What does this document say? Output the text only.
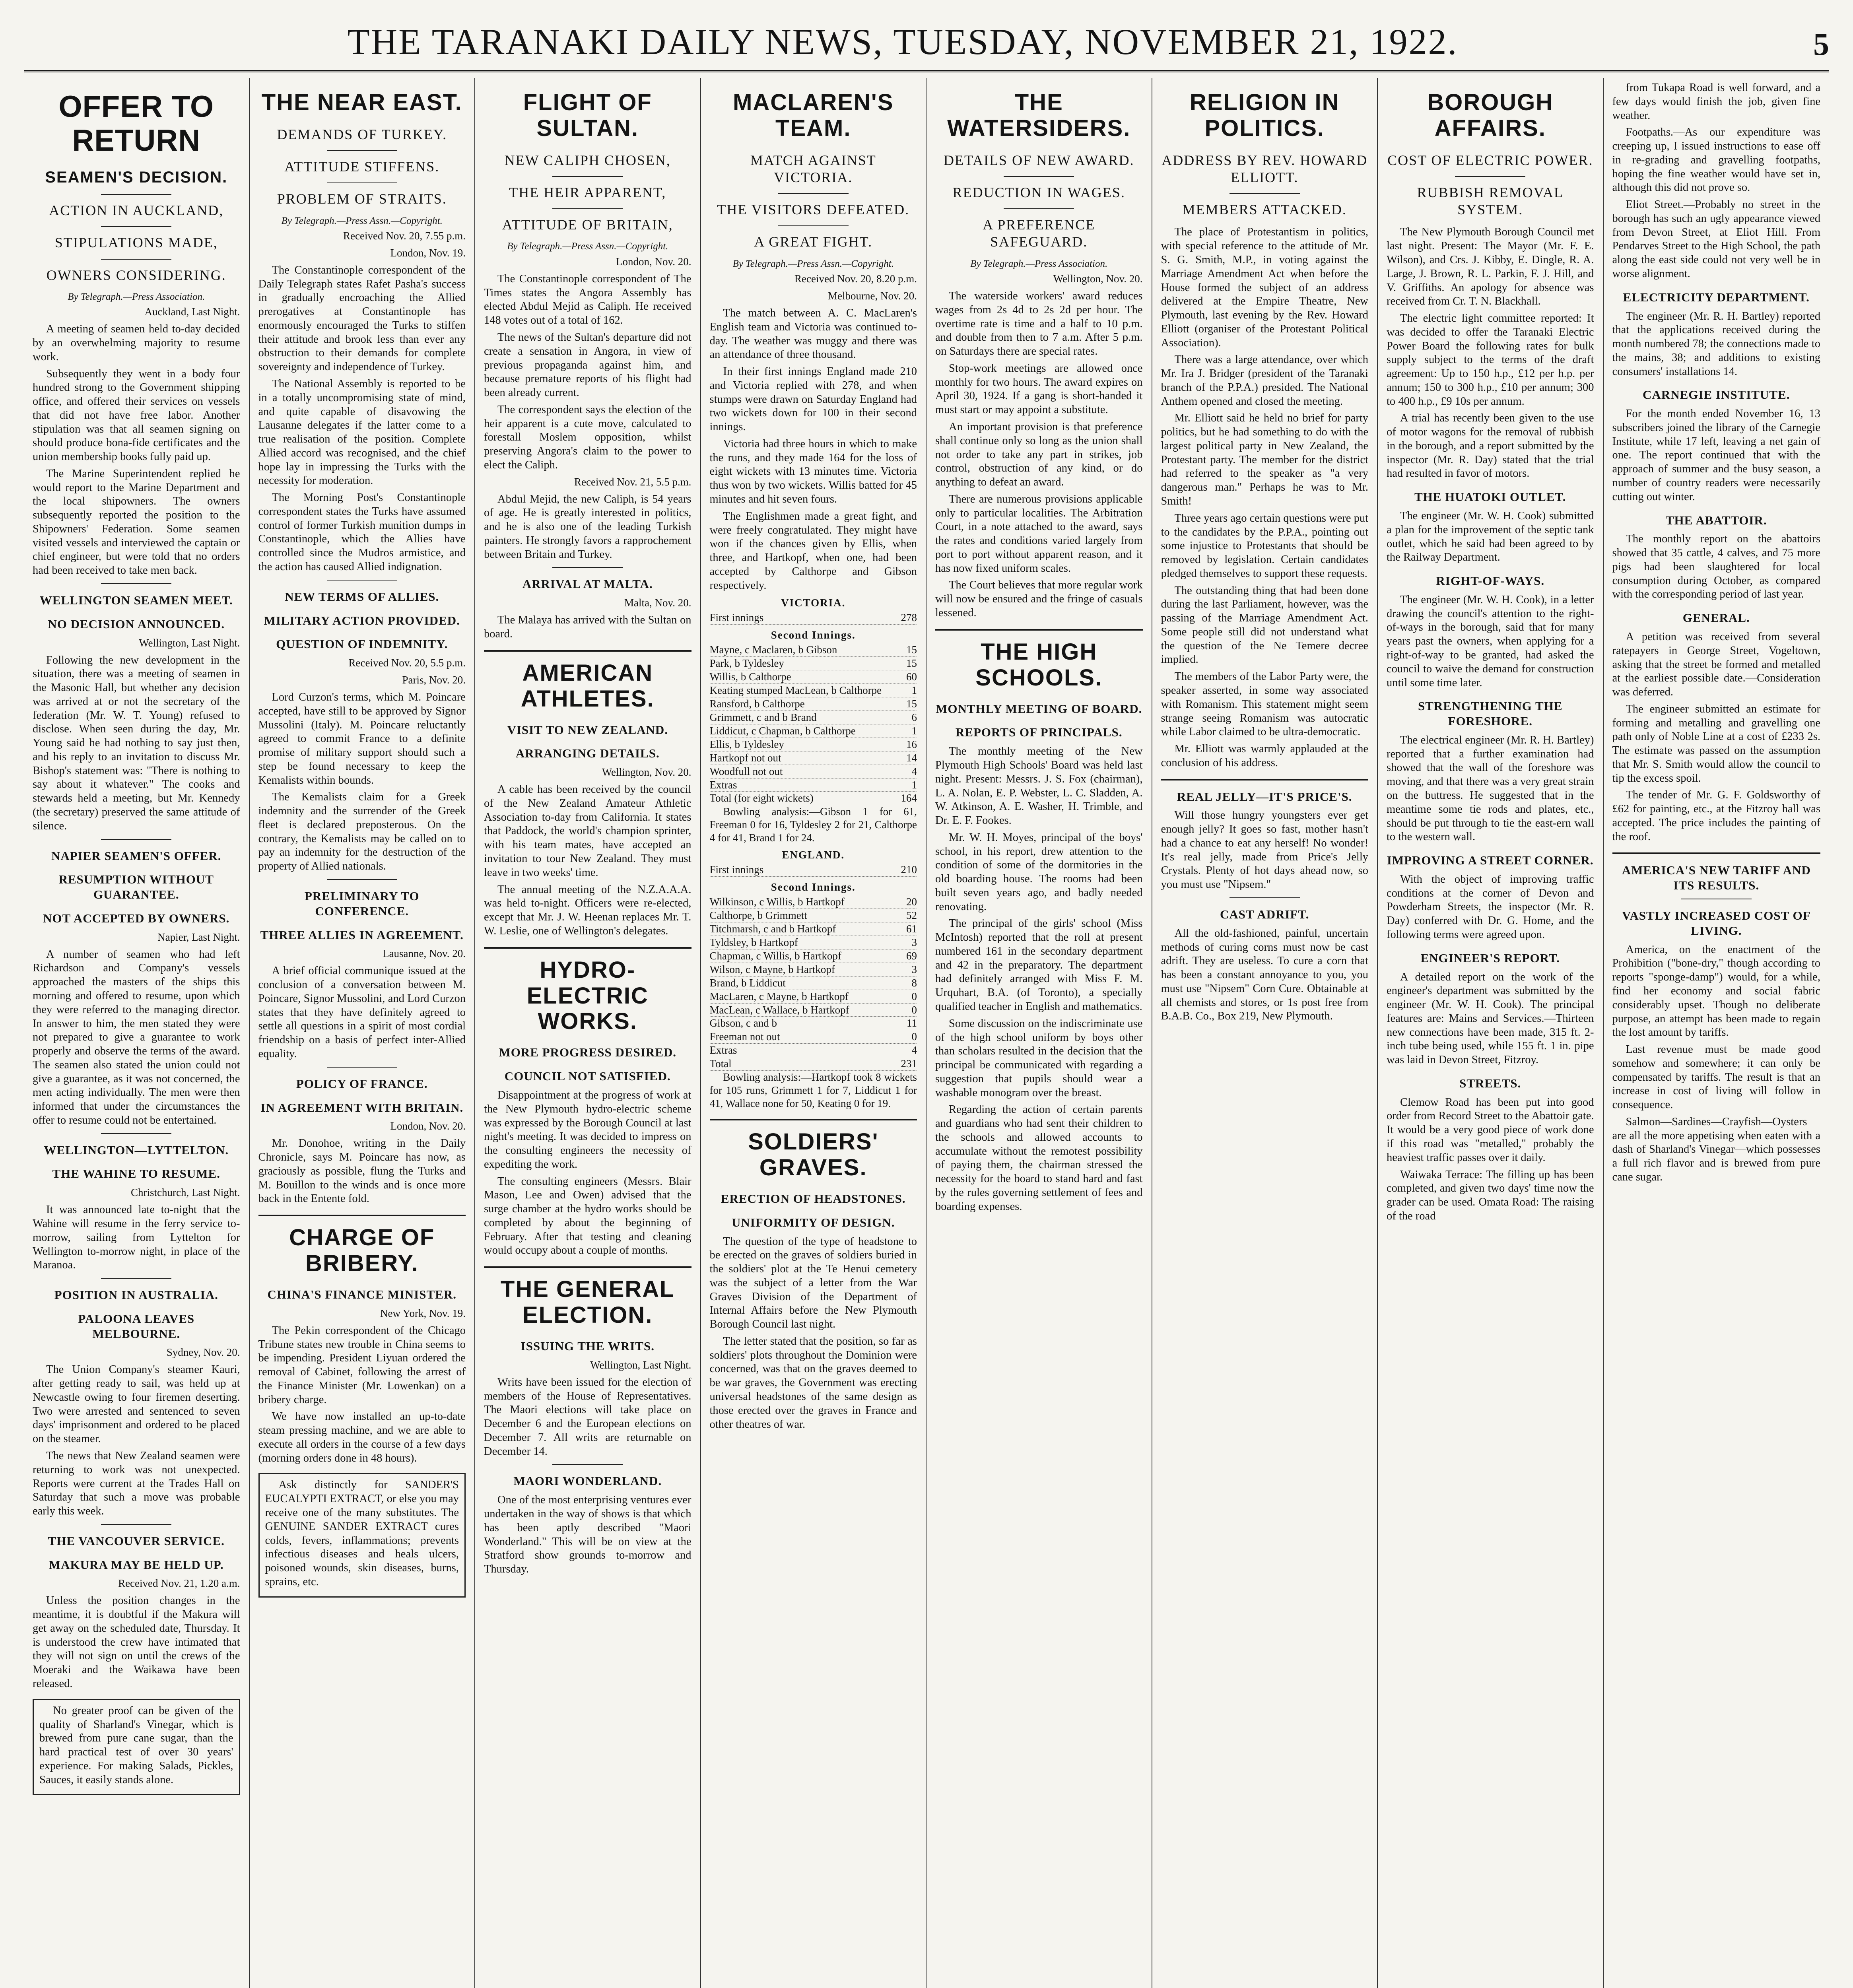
THE TARANAKI DAILY NEWS, TUESDAY, NOVEMBER 21, 1922.	5
OFFER TO RETURN
SEAMEN'S DECISION.
ACTION IN AUCKLAND,
STIPULATIONS MADE,
OWNERS CONSIDERING.
By Telegraph.—Press Association.
Auckland, Last Night.

A meeting of seamen held to-day decided by an overwhelming majority to resume work.

Subsequently they went in a body four hundred strong to the Government shipping office, and offered their services on vessels that did not have free labor. Another stipulation was that all seamen signing on should produce bona-fide certificates and the union membership books fully paid up.

The Marine Superintendent replied he would report to the Marine Department and the local shipowners. The owners subsequently reported the position to the Shipowners' Federation. Some seamen visited vessels and interviewed the captain or chief engineer, but were told that no orders had been received to take men back.

WELLINGTON SEAMEN MEET.
NO DECISION ANNOUNCED.
Wellington, Last Night.

Following the new development in the situation, there was a meeting of seamen in the Masonic Hall, but whether any decision was arrived at or not the secretary of the federation (Mr. W. T. Young) refused to disclose. When seen during the day, Mr. Young said he had nothing to say just then, and his reply to an invitation to discuss Mr. Bishop's statement was: "There is nothing to say about it whatever." The cooks and stewards held a meeting, but Mr. Kennedy (the secretary) preserved the same attitude of silence.

NAPIER SEAMEN'S OFFER.
RESUMPTION WITHOUT GUARANTEE.
NOT ACCEPTED BY OWNERS.
Napier, Last Night.

A number of seamen who had left Richardson and Company's vessels approached the masters of the ships this morning and offered to resume, upon which they were referred to the managing director. In answer to him, the men stated they were not prepared to give a guarantee to work properly and observe the terms of the award. The seamen also stated the union could not give a guarantee, as it was not concerned, the men acting individually. The men were then informed that under the circumstances the offer to resume could not be entertained.

WELLINGTON—LYTTELTON.
THE WAHINE TO RESUME.
Christchurch, Last Night.

It was announced late to-night that the Wahine will resume in the ferry service to-morrow, sailing from Lyttelton for Wellington to-morrow night, in place of the Maranoa.

POSITION IN AUSTRALIA.
PALOONA LEAVES MELBOURNE.
Sydney, Nov. 20.

The Union Company's steamer Kauri, after getting ready to sail, was held up at Newcastle owing to four firemen deserting. Two were arrested and sentenced to seven days' imprisonment and ordered to be placed on the steamer.

The news that New Zealand seamen were returning to work was not unexpected. Reports were current at the Trades Hall on Saturday that such a move was probable early this week.

THE VANCOUVER SERVICE.
MAKURA MAY BE HELD UP.
Received Nov. 21, 1.20 a.m.

Unless the position changes in the meantime, it is doubtful if the Makura will get away on the scheduled date, Thursday. It is understood the crew have intimated that they will not sign on until the crews of the Moeraki and the Waikawa have been released.

No greater proof can be given of the quality of Sharland's Vinegar, which is brewed from pure cane sugar, than the hard practical test of over 30 years' experience. For making Salads, Pickles, Sauces, it easily stands alone.

THE NEAR EAST.
DEMANDS OF TURKEY.
ATTITUDE STIFFENS.
PROBLEM OF STRAITS.
By Telegraph.—Press Assn.—Copyright.
Received Nov. 20, 7.55 p.m.
London, Nov. 19.

The Constantinople correspondent of the Daily Telegraph states Rafet Pasha's success in gradually encroaching the Allied prerogatives at Constantinople has enormously encouraged the Turks to stiffen their attitude and brook less than ever any obstruction to their demands for complete sovereignty and independence of Turkey.

The National Assembly is reported to be in a totally uncompromising state of mind, and quite capable of disavowing the Lausanne delegates if the latter come to a true realisation of the position. Complete Allied accord was recognised, and the chief hope lay in impressing the Turks with the necessity for moderation.

The Morning Post's Constantinople correspondent states the Turks have assumed control of former Turkish munition dumps in Constantinople, which the Allies have controlled since the Mudros armistice, and the action has caused Allied indignation.

NEW TERMS OF ALLIES.
MILITARY ACTION PROVIDED.
QUESTION OF INDEMNITY.
Received Nov. 20, 5.5 p.m.
Paris, Nov. 20.

Lord Curzon's terms, which M. Poincare accepted, have still to be approved by Signor Mussolini (Italy). M. Poincare reluctantly agreed to commit France to a definite promise of military support should such a step be found necessary to keep the Kemalists within bounds.

The Kemalists claim for a Greek indemnity and the surrender of the Greek fleet is declared preposterous. On the contrary, the Kemalists may be called on to pay an indemnity for the destruction of the property of Allied nationals.

PRELIMINARY TO CONFERENCE.
THREE ALLIES IN AGREEMENT.
Lausanne, Nov. 20.

A brief official communique issued at the conclusion of a conversation between M. Poincare, Signor Mussolini, and Lord Curzon states that they have definitely agreed to settle all questions in a spirit of most cordial friendship on a basis of perfect inter-Allied equality.

POLICY OF FRANCE.
IN AGREEMENT WITH BRITAIN.
London, Nov. 20.

Mr. Donohoe, writing in the Daily Chronicle, says M. Poincare has now, as graciously as possible, flung the Turks and M. Bouillon to the winds and is once more back in the Entente fold.

CHARGE OF BRIBERY.
CHINA'S FINANCE MINISTER.
New York, Nov. 19.

The Pekin correspondent of the Chicago Tribune states new trouble in China seems to be impending. President Liyuan ordered the removal of Cabinet, following the arrest of the Finance Minister (Mr. Lowenkan) on a bribery charge.

We have now installed an up-to-date steam pressing machine, and we are able to execute all orders in the course of a few days (morning orders done in 48 hours).

Ask distinctly for SANDER'S EUCALYPTI EXTRACT, or else you may receive one of the many substitutes. The GENUINE SANDER EXTRACT cures colds, fevers, inflammations; prevents infectious diseases and heals ulcers, poisoned wounds, skin diseases, burns, sprains, etc.

FLIGHT OF SULTAN.
NEW CALIPH CHOSEN,
THE HEIR APPARENT,
ATTITUDE OF BRITAIN,
By Telegraph.—Press Assn.—Copyright.
London, Nov. 20.

The Constantinople correspondent of The Times states the Angora Assembly has elected Abdul Mejid as Caliph. He received 148 votes out of a total of 162.

The news of the Sultan's departure did not create a sensation in Angora, in view of previous propaganda against him, and because premature reports of his flight had been already current.

The correspondent says the election of the heir apparent is a cute move, calculated to forestall Moslem opposition, whilst preserving Angora's claim to the power to elect the Caliph.

Received Nov. 21, 5.5 p.m.

Abdul Mejid, the new Caliph, is 54 years of age. He is greatly interested in politics, and he is also one of the leading Turkish painters. He strongly favors a rapprochement between Britain and Turkey.

ARRIVAL AT MALTA.
Malta, Nov. 20.

The Malaya has arrived with the Sultan on board.

AMERICAN ATHLETES.
VISIT TO NEW ZEALAND.
ARRANGING DETAILS.
Wellington, Nov. 20.

A cable has been received by the council of the New Zealand Amateur Athletic Association to-day from California. It states that Paddock, the world's champion sprinter, with his team mates, have accepted an invitation to tour New Zealand. They must leave in two weeks' time.

The annual meeting of the N.Z.A.A.A. was held to-night. Officers were re-elected, except that Mr. J. W. Heenan replaces Mr. T. W. Leslie, one of Wellington's delegates.

HYDRO-ELECTRIC WORKS.
MORE PROGRESS DESIRED.
COUNCIL NOT SATISFIED.

Disappointment at the progress of work at the New Plymouth hydro-electric scheme was expressed by the Borough Council at last night's meeting. It was decided to impress on the consulting engineers the necessity of expediting the work.

The consulting engineers (Messrs. Blair Mason, Lee and Owen) advised that the surge chamber at the hydro works should be completed by about the beginning of February. After that testing and cleaning would occupy about a couple of months.

THE GENERAL ELECTION.
ISSUING THE WRITS.
Wellington, Last Night.

Writs have been issued for the election of members of the House of Representatives. The Maori elections will take place on December 6 and the European elections on December 7. All writs are returnable on December 14.

MAORI WONDERLAND.

One of the most enterprising ventures ever undertaken in the way of shows is that which has been aptly described "Maori Wonderland." This will be on view at the Stratford show grounds to-morrow and Thursday.

MACLAREN'S TEAM.
MATCH AGAINST VICTORIA.
THE VISITORS DEFEATED.
A GREAT FIGHT.
By Telegraph.—Press Assn.—Copyright.
Received Nov. 20, 8.20 p.m.
Melbourne, Nov. 20.

The match between A. C. MacLaren's English team and Victoria was continued to-day. The weather was muggy and there was an attendance of three thousand.

In their first innings England made 210 and Victoria replied with 278, and when stumps were drawn on Saturday England had two wickets down for 100 in their second innings.

Victoria had three hours in which to make the runs, and they made 164 for the loss of eight wickets with 13 minutes time. Victoria thus won by two wickets. Willis batted for 45 minutes and hit seven fours.

The Englishmen made a great fight, and were freely congratulated. They might have won if the chances given by Ellis, when three, and Hartkopf, when one, had been accepted by Calthorpe and Gibson respectively.

VICTORIA.
First innings	278
Second Innings.
Mayne, c Maclaren, b Gibson	15
Park, b Tyldesley	15
Willis, b Calthorpe	60
Keating stumped MacLean, b Calthorpe	1
Ransford, b Calthorpe	15
Grimmett, c and b Brand	6
Liddicut, c Chapman, b Calthorpe	1
Ellis, b Tyldesley	16
Hartkopf not out	14
Woodfull not out	4
Extras	1
Total (for eight wickets)	164

Bowling analysis:—Gibson 1 for 61, Freeman 0 for 16, Tyldesley 2 for 21, Calthorpe 4 for 41, Brand 1 for 24.

ENGLAND.
First innings	210
Second Innings.
Wilkinson, c Willis, b Hartkopf	20
Calthorpe, b Grimmett	52
Titchmarsh, c and b Hartkopf	61
Tyldsley, b Hartkopf	3
Chapman, c Willis, b Hartkopf	69
Wilson, c Mayne, b Hartkopf	3
Brand, b Liddicut	8
MacLaren, c Mayne, b Hartkopf	0
MacLean, c Wallace, b Hartkopf	0
Gibson, c and b	11
Freeman not out	0
Extras	4
Total	231

Bowling analysis:—Hartkopf took 8 wickets for 105 runs, Grimmett 1 for 7, Liddicut 1 for 41, Wallace none for 50, Keating 0 for 19.

SOLDIERS' GRAVES.
ERECTION OF HEADSTONES.
UNIFORMITY OF DESIGN.

The question of the type of headstone to be erected on the graves of soldiers buried in the soldiers' plot at the Te Henui cemetery was the subject of a letter from the War Graves Division of the Department of Internal Affairs before the New Plymouth Borough Council last night.

The letter stated that the position, so far as soldiers' plots throughout the Dominion were concerned, was that on the graves deemed to be war graves, the Government was erecting universal headstones of the same design as those erected over the graves in France and other theatres of war.

THE WATERSIDERS.
DETAILS OF NEW AWARD.
REDUCTION IN WAGES.
A PREFERENCE SAFEGUARD.
By Telegraph.—Press Association.
Wellington, Nov. 20.

The waterside workers' award reduces wages from 2s 4d to 2s 2d per hour. The overtime rate is time and a half to 10 p.m. and double from then to 7 a.m. After 5 p.m. on Saturdays there are special rates.

Stop-work meetings are allowed once monthly for two hours. The award expires on April 30, 1924. If a gang is short-handed it must start or may appoint a substitute.

An important provision is that preference shall continue only so long as the union shall not order to take any part in strikes, job control, obstruction of any kind, or do anything to defeat an award.

There are numerous provisions applicable only to particular localities. The Arbitration Court, in a note attached to the award, says the rates and conditions varied largely from port to port without apparent reason, and it has now fixed uniform scales.

The Court believes that more regular work will now be ensured and the fringe of casuals lessened.

THE HIGH SCHOOLS.
MONTHLY MEETING OF BOARD.
REPORTS OF PRINCIPALS.

The monthly meeting of the New Plymouth High Schools' Board was held last night. Present: Messrs. J. S. Fox (chairman), L. A. Nolan, E. P. Webster, L. C. Sladden, A. W. Atkinson, A. E. Washer, H. Trimble, and Dr. E. F. Fookes.

Mr. W. H. Moyes, principal of the boys' school, in his report, drew attention to the condition of some of the dormitories in the old boarding house. The rooms had been built seven years ago, and badly needed renovating.

The principal of the girls' school (Miss McIntosh) reported that the roll at present numbered 161 in the secondary department and 42 in the preparatory. The department had definitely arranged with Miss F. M. Urquhart, B.A. (of Toronto), a specially qualified teacher in English and mathematics.

Some discussion on the indiscriminate use of the high school uniform by boys other than scholars resulted in the decision that the principal be communicated with regarding a suggestion that pupils should wear a washable monogram over the breast.

Regarding the action of certain parents and guardians who had sent their children to the schools and allowed accounts to accumulate without the remotest possibility of paying them, the chairman stressed the necessity for the board to stand hard and fast by the rules governing settlement of fees and boarding expenses.

RELIGION IN POLITICS.
ADDRESS BY REV. HOWARD ELLIOTT.
MEMBERS ATTACKED.

The place of Protestantism in politics, with special reference to the attitude of Mr. S. G. Smith, M.P., in voting against the Marriage Amendment Act when before the House formed the subject of an address delivered at the Empire Theatre, New Plymouth, last evening by the Rev. Howard Elliott (organiser of the Protestant Political Association).

There was a large attendance, over which Mr. Ira J. Bridger (president of the Taranaki branch of the P.P.A.) presided. The National Anthem opened and closed the meeting.

Mr. Elliott said he held no brief for party politics, but he had something to do with the largest political party in New Zealand, the Protestant party. The member for the district had referred to the speaker as "a very dangerous man." Perhaps he was to Mr. Smith!

Three years ago certain questions were put to the candidates by the P.P.A., pointing out some injustice to Protestants that should be removed by legislation. Certain candidates pledged themselves to support these requests.

The outstanding thing that had been done during the last Parliament, however, was the passing of the Marriage Amendment Act. Some people still did not understand what the question of the Ne Temere decree implied.

The members of the Labor Party were, the speaker asserted, in some way associated with Romanism. This statement might seem strange seeing Romanism was autocratic while Labor claimed to be ultra-democratic.

Mr. Elliott was warmly applauded at the conclusion of his address.

REAL JELLY—IT'S PRICE'S.

Will those hungry youngsters ever get enough jelly? It goes so fast, mother hasn't had a chance to eat any herself! No wonder! It's real jelly, made from Price's Jelly Crystals. Plenty of hot days ahead now, so you must use "Nipsem."

CAST ADRIFT.

All the old-fashioned, painful, uncertain methods of curing corns must now be cast adrift. They are useless. To cure a corn that has been a constant annoyance to you, you must use "Nipsem" Corn Cure. Obtainable at all chemists and stores, or 1s post free from B.A.B. Co., Box 219, New Plymouth.

BOROUGH AFFAIRS.
COST OF ELECTRIC POWER.
RUBBISH REMOVAL SYSTEM.

The New Plymouth Borough Council met last night. Present: The Mayor (Mr. F. E. Wilson), and Crs. J. Kibby, E. Dingle, R. A. Large, J. Brown, R. L. Parkin, F. J. Hill, and V. Griffiths. An apology for absence was received from Cr. T. N. Blackhall.

The electric light committee reported: It was decided to offer the Taranaki Electric Power Board the following rates for bulk supply subject to the terms of the draft agreement: Up to 150 h.p., £12 per h.p. per annum; 150 to 300 h.p., £10 per annum; 300 to 400 h.p., £9 10s per annum.

A trial has recently been given to the use of motor wagons for the removal of rubbish in the borough, and a report submitted by the inspector (Mr. R. Day) stated that the trial had resulted in favor of motors.

THE HUATOKI OUTLET.

The engineer (Mr. W. H. Cook) submitted a plan for the improvement of the septic tank outlet, which he said had been agreed to by the Railway Department.

RIGHT-OF-WAYS.

The engineer (Mr. W. H. Cook), in a letter drawing the council's attention to the right-of-ways in the borough, said that for many years past the owners, when applying for a right-of-way to be granted, had asked the council to waive the demand for construction until some time later.

STRENGTHENING THE FORESHORE.

The electrical engineer (Mr. R. H. Bartley) reported that a further examination had showed that the wall of the foreshore was moving, and that there was a very great strain on the buttress. He suggested that in the meantime some tie rods and plates, etc., should be put through to tie the east-ern wall to the western wall.

IMPROVING A STREET CORNER.

With the object of improving traffic conditions at the corner of Devon and Powderham Streets, the inspector (Mr. R. Day) conferred with Dr. G. Home, and the following terms were agreed upon.

ENGINEER'S REPORT.

A detailed report on the work of the engineer's department was submitted by the engineer (Mr. W. H. Cook). The principal features are: Mains and Services.—Thirteen new connections have been made, 315 ft. 2-inch tube being used, while 155 ft. 1 in. pipe was laid in Devon Street, Fitzroy.

STREETS.

Clemow Road has been put into good order from Record Street to the Abattoir gate. It would be a very good piece of work done if this road was "metalled," probably the heaviest traffic passes over it daily.

Waiwaka Terrace: The filling up has been completed, and given two days' time now the grader can be used. Omata Road: The raising of the road

from Tukapa Road is well forward, and a few days would finish the job, given fine weather.

Footpaths.—As our expenditure was creeping up, I issued instructions to ease off in re-grading and gravelling footpaths, hoping the fine weather would have set in, although this did not prove so.

Eliot Street.—Probably no street in the borough has such an ugly appearance viewed from Devon Street, at Eliot Hill. From Pendarves Street to the High School, the path along the east side could not very well be in worse alignment.

ELECTRICITY DEPARTMENT.

The engineer (Mr. R. H. Bartley) reported that the applications received during the month numbered 78; the connections made to the mains, 38; and additions to existing consumers' installations 14.

CARNEGIE INSTITUTE.

For the month ended November 16, 13 subscribers joined the library of the Carnegie Institute, while 17 left, leaving a net gain of one. The report continued that with the approach of summer and the busy season, a number of country readers were necessarily cutting out winter.

THE ABATTOIR.

The monthly report on the abattoirs showed that 35 cattle, 4 calves, and 75 more pigs had been slaughtered for local consumption during October, as compared with the corresponding period of last year.

GENERAL.

A petition was received from several ratepayers in George Street, Vogeltown, asking that the street be formed and metalled at the earliest possible date.—Consideration was deferred.

The engineer submitted an estimate for forming and metalling and gravelling one path only of Noble Line at a cost of £233 2s. The estimate was passed on the assumption that Mr. S. Smith would allow the council to tip the excess spoil.

The tender of Mr. G. F. Goldsworthy of £62 for painting, etc., at the Fitzroy hall was accepted. The price includes the painting of the roof.

AMERICA'S NEW TARIFF AND ITS RESULTS.
VASTLY INCREASED COST OF LIVING.

America, on the enactment of the Prohibition ("bone-dry," though according to reports "sponge-damp") would, for a while, find her economy and social fabric considerably upset. Though no deliberate purpose, an attempt has been made to regain the lost amount by tariffs.

Last revenue must be made good somehow and somewhere; it can only be compensated by tariffs. The result is that an increase in cost of living will follow in consequence.

Salmon—Sardines—Crayfish—Oysters are all the more appetising when eaten with a dash of Sharland's Vinegar—which possesses a full rich flavor and is brewed from pure cane sugar.
